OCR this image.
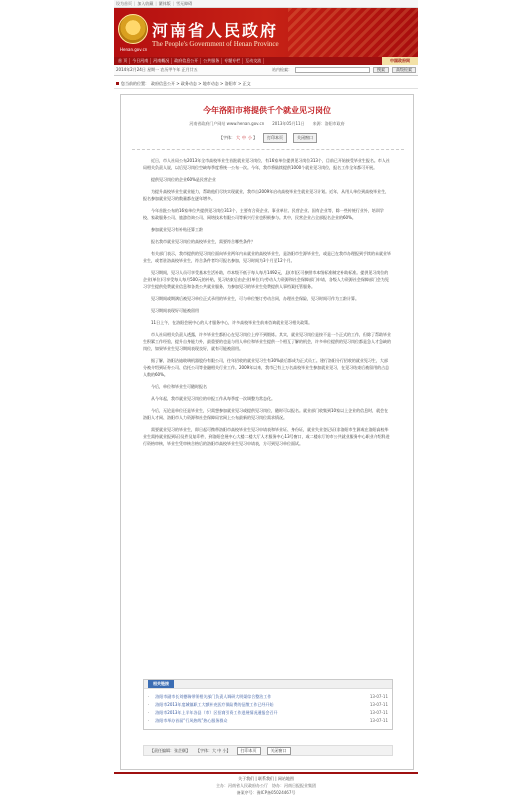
设为首页 | 加入收藏 | 繁体版 | 雪无障碍
Henan.gov.cn
河南省人民政府
The People's Government of Henan Province
首 页	今日河南	河南概况	政府信息公开	公共服务	专题专栏	互动交流	中国政府网
2014年2月24日 星期一 农历甲午年 正月廿五	站内检索：	搜索	高级检索
您当前的位置： 政府信息公开 > 政务动态 > 地市动态 > 洛阳市 > 正文
今年洛阳市将提供千个就业见习岗位
河南省政府门户网站 www.henan.gov.cn　　2013年05月11日　　来源：洛阳市政府
【字体：大 中 小】	打印本页	关闭窗口

近日，市人社局公布2013年全市高校毕业生首批就业见习岗位，有16家单位提供见习岗位313个，目前已开始接受毕业生报名。市人社局相关负责人说，以后见习岗位空缺每季度将统一公布一次。今年，我市将陆续提供1000个就业见习岗位，报名工作全年都可开展。

提供见习岗位的企业60%是民营企业

为提升高校毕业生就业能力，帮助他们尽快实现就业，我市自2009年启动高校毕业生就业见习计划。近年，从用人单位到高校毕业生，报名参加就业见习的数量都在逐年增多。

今年首批公布的16家单位共提供见习岗位313个，主要有合资企业、事业单位、民营企业、国有企业等，除一些传统行业外，培训学校、家政服务公司、旅游咨询公司、网络技术有限公司等新兴行业也积极参与。其中，民营企业占全部报名企业的60%。

参加就业见习有补贴还算工龄

报名我市就业见习岗位的高校毕业生，需要符合哪些条件？

有关部门表示，我市提供的见习岗位面向毕业两年内未就业的高校毕业生，是洛阳市生源毕业生，或是已在我市办理报到手续的未就业毕业生，或者驻洛高校毕业生，符合条件者均可报名参加，见习时间为3个月至12个月。

见习期间，见习人员可享受基本生活补助，市本级不低于每人每月1492元，县(市)区可参照市本级标准制定补助标准。提供见习岗位的企业(单位)可享受每人每月500元的补贴，见习结束后由企业(单位)与劳动人力资源和社会保障部门申请，各级人力资源社会保障部门会为见习学生提供免费就业信息和各类公共就业服务，为参加见习的毕业生免费提供人事档案托管服务。

见习期间或期满后被见习单位正式录用的毕业生，可与单位签订劳动合同，办理社会保险，见习时间可作为工龄计算。

见习期间表现好可能被留用

11日上午，在洛阳会展中心的人才服务中心，许多高校毕业生前来咨询就业见习相关政策。

市人社局相关负责人透露，许多毕业生都担心在见习岗位上停不到锻炼。其实，就业见习岗位是按不是一个正式的工作，但除了帮助毕业生积累工作经验，提升自身能力外，最重要的也是与用人单位和毕业生提供一个相互了解的机会，许多单位提供的见习岗位都是急人才急缺的岗位，如果毕业生见习期间表现良好，就有可能被留用。

据了解，洛阳洁迪玻璃机器股份有限公司，往年招收的就业见习生有30%最后都成为正式员工。建行洛阳分行招收的就业见习生，大部分被介绍到证券公司、信托公司等金融相关行业工作。2009年以来，我市已有上万名高校毕业生参加就业见习，在见习结束后被留用的占总人数的60%。

今后，单位和毕业生可随时报名

从今年起，我市就业见习岗位的申报工作从每季度一次调整为常态化。

今后，无论是单位还是毕业生，只需想参加就业见习或提供见习岗位，随时可以报名。就业部门收集到10家以上企业的信息时，就会在洛阳人才网、洛阳市人力资源和社会保障局官网上公布最新的见习岗位需求情况。

需要就业见习的毕业生，即日起可携带洛阳市高校毕业生见习申请表和毕业证、身份证，就业失业登记证(非洛阳市生源或在洛阳高校毕业生需持就业报到证)及件及复印件，到洛阳会展中心大楼二楼大厅人才服务中心13号窗口，或二楼东厅的市公共就业服务中心职业介绍科进行资格审核，毕业生凭审核合格后的洛阳市高校毕业生见习申请表，方可到见习单位面试。

相关链接
· 洛阳市副市长刘德瑞带领相关部门负责人调研大明渠综合整治工作	13-07-11
· 洛阳市2013年度城镇职工大额补充医疗保险费的征缴工作已经开始	13-07-11
· 洛阳市2013年上半年各县（市）区招商引资工作进展情况通报会召开	13-07-11
· 洛阳市举办首届“行风热线”热心服务群众	13-07-11
【责任编辑：张芷颐】 【字体：大 中 小】	打印本页	关闭窗口
关于我们 | 联系我们 | 网站地图
主办：河南省人民政府办公厅　协办：河南日报报业集团
备案序号：豫ICP备05024467号
